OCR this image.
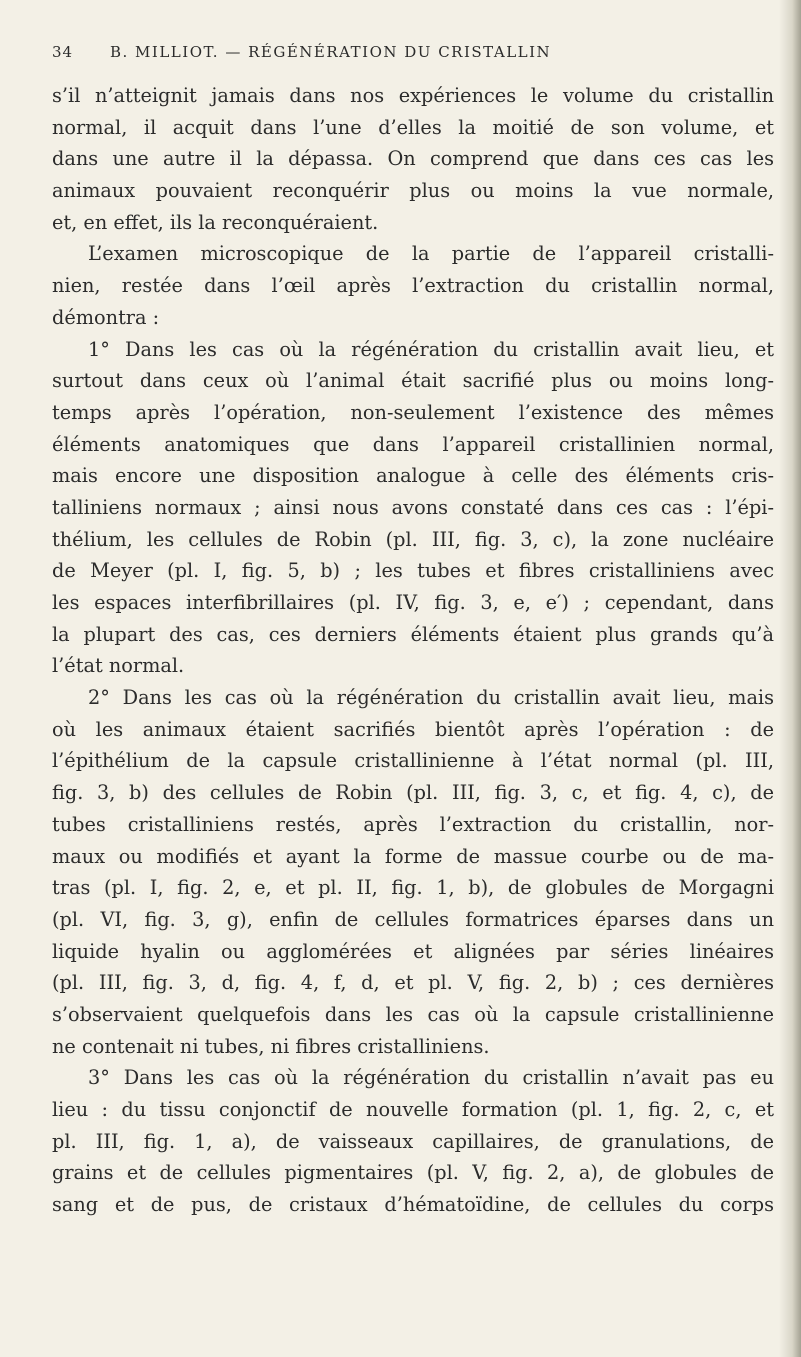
34 B. MILLIOT. — RÉGÉNÉRATION DU CRISTALLIN
s’il n’atteignit jamais dans nos expériences le volume du cristallin
normal, il acquit dans l’une d’elles la moitié de son volume, et
dans une autre il la dépassa. On comprend que dans ces cas les
animaux pouvaient reconquérir plus ou moins la vue normale,
et, en effet, ils la reconquéraient.
L’examen microscopique de la partie de l’appareil cristalli-
nien, restée dans l’œil après l’extraction du cristallin normal,
démontra :
1° Dans les cas où la régénération du cristallin avait lieu, et
surtout dans ceux où l’animal était sacrifié plus ou moins long-
temps après l’opération, non-seulement l’existence des mêmes
éléments anatomiques que dans l’appareil cristallinien normal,
mais encore une disposition analogue à celle des éléments cris-
talliniens normaux ; ainsi nous avons constaté dans ces cas : l’épi-
thélium, les cellules de Robin (pl. III, fig. 3, c), la zone nucléaire
de Meyer (pl. I, fig. 5, b) ; les tubes et fibres cristalliniens avec
les espaces interfibrillaires (pl. IV, fig. 3, e, e′) ; cependant, dans
la plupart des cas, ces derniers éléments étaient plus grands qu’à
l’état normal.
2° Dans les cas où la régénération du cristallin avait lieu, mais
où les animaux étaient sacrifiés bientôt après l’opération : de
l’épithélium de la capsule cristallinienne à l’état normal (pl. III,
fig. 3, b) des cellules de Robin (pl. III, fig. 3, c, et fig. 4, c), de
tubes cristalliniens restés, après l’extraction du cristallin, nor-
maux ou modifiés et ayant la forme de massue courbe ou de ma-
tras (pl. I, fig. 2, e, et pl. II, fig. 1, b), de globules de Morgagni
(pl. VI, fig. 3, g), enfin de cellules formatrices éparses dans un
liquide hyalin ou agglomérées et alignées par séries linéaires
(pl. III, fig. 3, d, fig. 4, f, d, et pl. V, fig. 2, b) ; ces dernières
s’observaient quelquefois dans les cas où la capsule cristallinienne
ne contenait ni tubes, ni fibres cristalliniens.
3° Dans les cas où la régénération du cristallin n’avait pas eu
lieu : du tissu conjonctif de nouvelle formation (pl. 1, fig. 2, c, et
pl. III, fig. 1, a), de vaisseaux capillaires, de granulations, de
grains et de cellules pigmentaires (pl. V, fig. 2, a), de globules de
sang et de pus, de cristaux d’hématoïdine, de cellules du corps
